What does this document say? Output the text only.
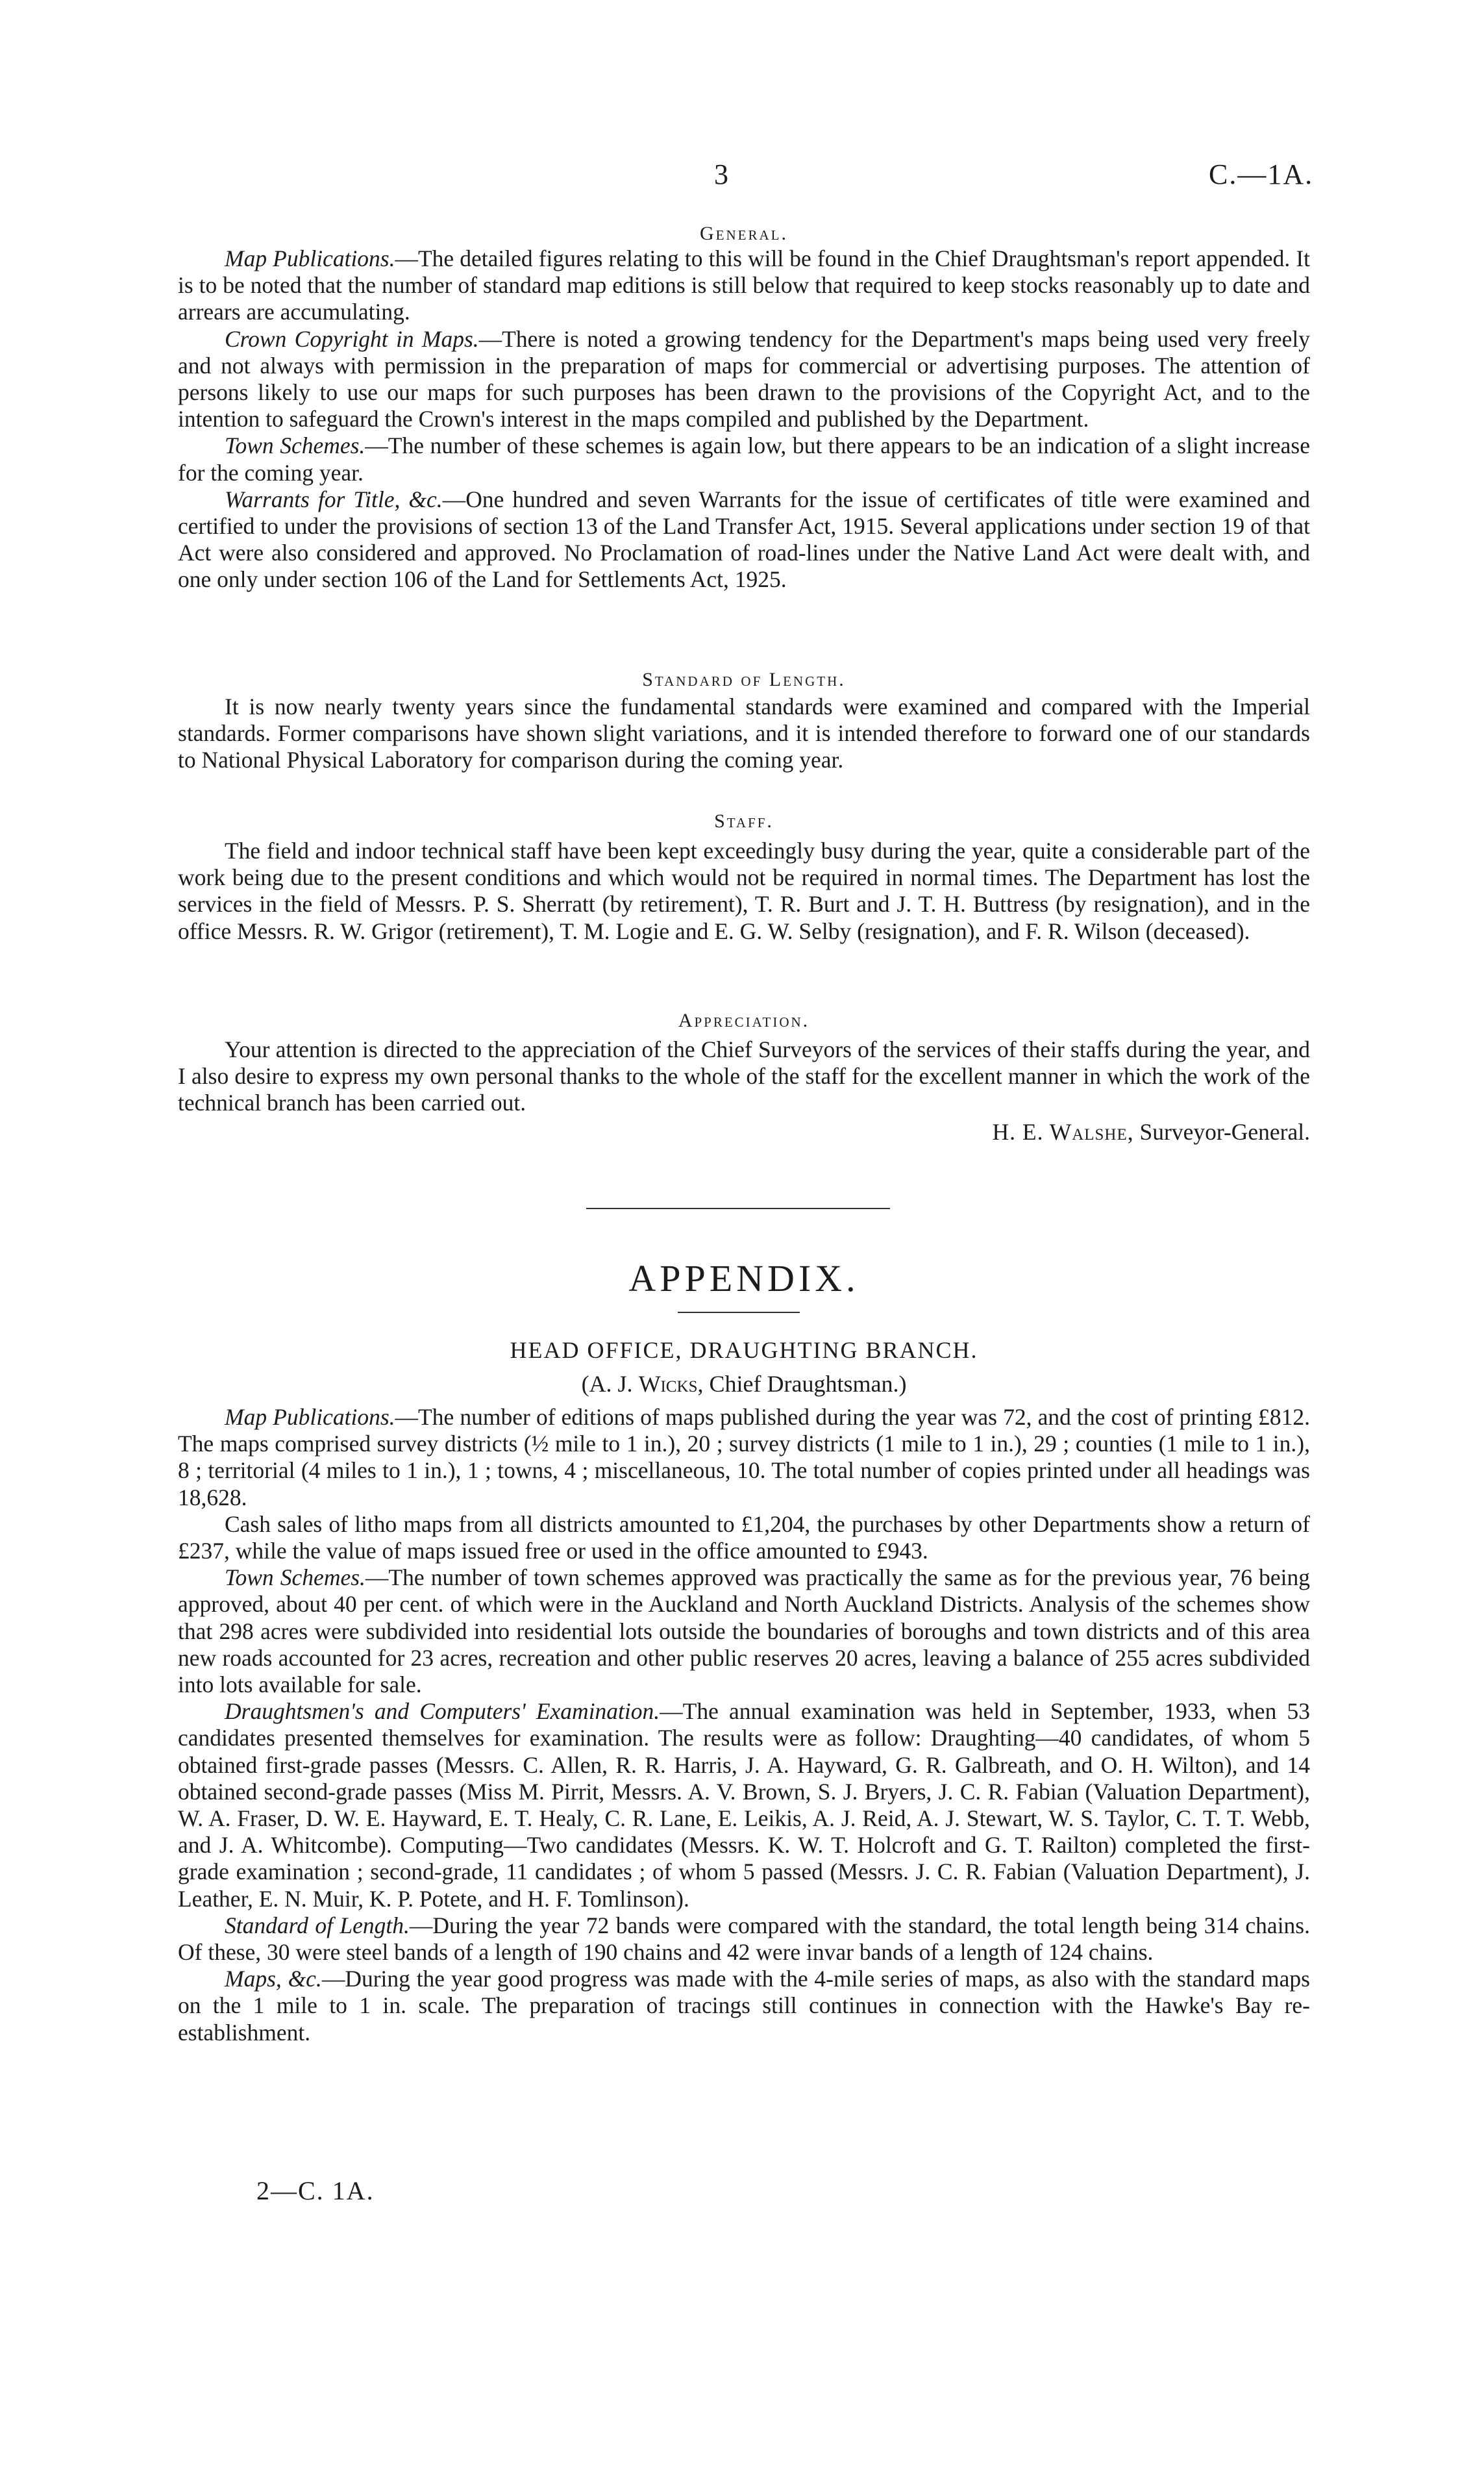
3	C.—1A.
General.

Map Publications.—The detailed figures relating to this will be found in the Chief Draughtsman's report appended. It is to be noted that the number of standard map editions is still below that required to keep stocks reasonably up to date and arrears are accumulating.

Crown Copyright in Maps.—There is noted a growing tendency for the Department's maps being used very freely and not always with permission in the preparation of maps for commercial or advertising purposes. The attention of persons likely to use our maps for such purposes has been drawn to the provisions of the Copyright Act, and to the intention to safeguard the Crown's interest in the maps compiled and published by the Department.

Town Schemes.—The number of these schemes is again low, but there appears to be an indication of a slight increase for the coming year.

Warrants for Title, &c.—One hundred and seven Warrants for the issue of certificates of title were examined and certified to under the provisions of section 13 of the Land Transfer Act, 1915. Several applications under section 19 of that Act were also considered and approved. No Proclamation of road-lines under the Native Land Act were dealt with, and one only under section 106 of the Land for Settlements Act, 1925.

Standard of Length.

It is now nearly twenty years since the fundamental standards were examined and compared with the Imperial standards. Former comparisons have shown slight variations, and it is intended therefore to forward one of our standards to National Physical Laboratory for comparison during the coming year.

Staff.

The field and indoor technical staff have been kept exceedingly busy during the year, quite a considerable part of the work being due to the present conditions and which would not be required in normal times. The Department has lost the services in the field of Messrs. P. S. Sherratt (by retirement), T. R. Burt and J. T. H. Buttress (by resignation), and in the office Messrs. R. W. Grigor (retirement), T. M. Logie and E. G. W. Selby (resignation), and F. R. Wilson (deceased).

Appreciation.

Your attention is directed to the appreciation of the Chief Surveyors of the services of their staffs during the year, and I also desire to express my own personal thanks to the whole of the staff for the excellent manner in which the work of the technical branch has been carried out.

H. E. Walshe, Surveyor-General.
APPENDIX.
HEAD OFFICE, DRAUGHTING BRANCH.
(A. J. Wicks, Chief Draughtsman.)

Map Publications.—The number of editions of maps published during the year was 72, and the cost of printing £812. The maps comprised survey districts (½ mile to 1 in.), 20 ; survey districts (1 mile to 1 in.), 29 ; counties (1 mile to 1 in.), 8 ; territorial (4 miles to 1 in.), 1 ; towns, 4 ; miscellaneous, 10. The total number of copies printed under all headings was 18,628.

Cash sales of litho maps from all districts amounted to £1,204, the purchases by other Departments show a return of £237, while the value of maps issued free or used in the office amounted to £943.

Town Schemes.—The number of town schemes approved was practically the same as for the previous year, 76 being approved, about 40 per cent. of which were in the Auckland and North Auckland Districts. Analysis of the schemes show that 298 acres were subdivided into residential lots outside the boundaries of boroughs and town districts and of this area new roads accounted for 23 acres, recreation and other public reserves 20 acres, leaving a balance of 255 acres subdivided into lots available for sale.

Draughtsmen's and Computers' Examination.—The annual examination was held in September, 1933, when 53 candidates presented themselves for examination. The results were as follow: Draughting—40 candidates, of whom 5 obtained first-grade passes (Messrs. C. Allen, R. R. Harris, J. A. Hayward, G. R. Galbreath, and O. H. Wilton), and 14 obtained second-grade passes (Miss M. Pirrit, Messrs. A. V. Brown, S. J. Bryers, J. C. R. Fabian (Valuation Department), W. A. Fraser, D. W. E. Hayward, E. T. Healy, C. R. Lane, E. Leikis, A. J. Reid, A. J. Stewart, W. S. Taylor, C. T. T. Webb, and J. A. Whitcombe). Computing—Two candidates (Messrs. K. W. T. Holcroft and G. T. Railton) completed the first-grade examination ; second-grade, 11 candidates ; of whom 5 passed (Messrs. J. C. R. Fabian (Valuation Department), J. Leather, E. N. Muir, K. P. Potete, and H. F. Tomlinson).

Standard of Length.—During the year 72 bands were compared with the standard, the total length being 314 chains. Of these, 30 were steel bands of a length of 190 chains and 42 were invar bands of a length of 124 chains.

Maps, &c.—During the year good progress was made with the 4-mile series of maps, as also with the standard maps on the 1 mile to 1 in. scale. The preparation of tracings still continues in connection with the Hawke's Bay re-establishment.

2—C. 1A.
